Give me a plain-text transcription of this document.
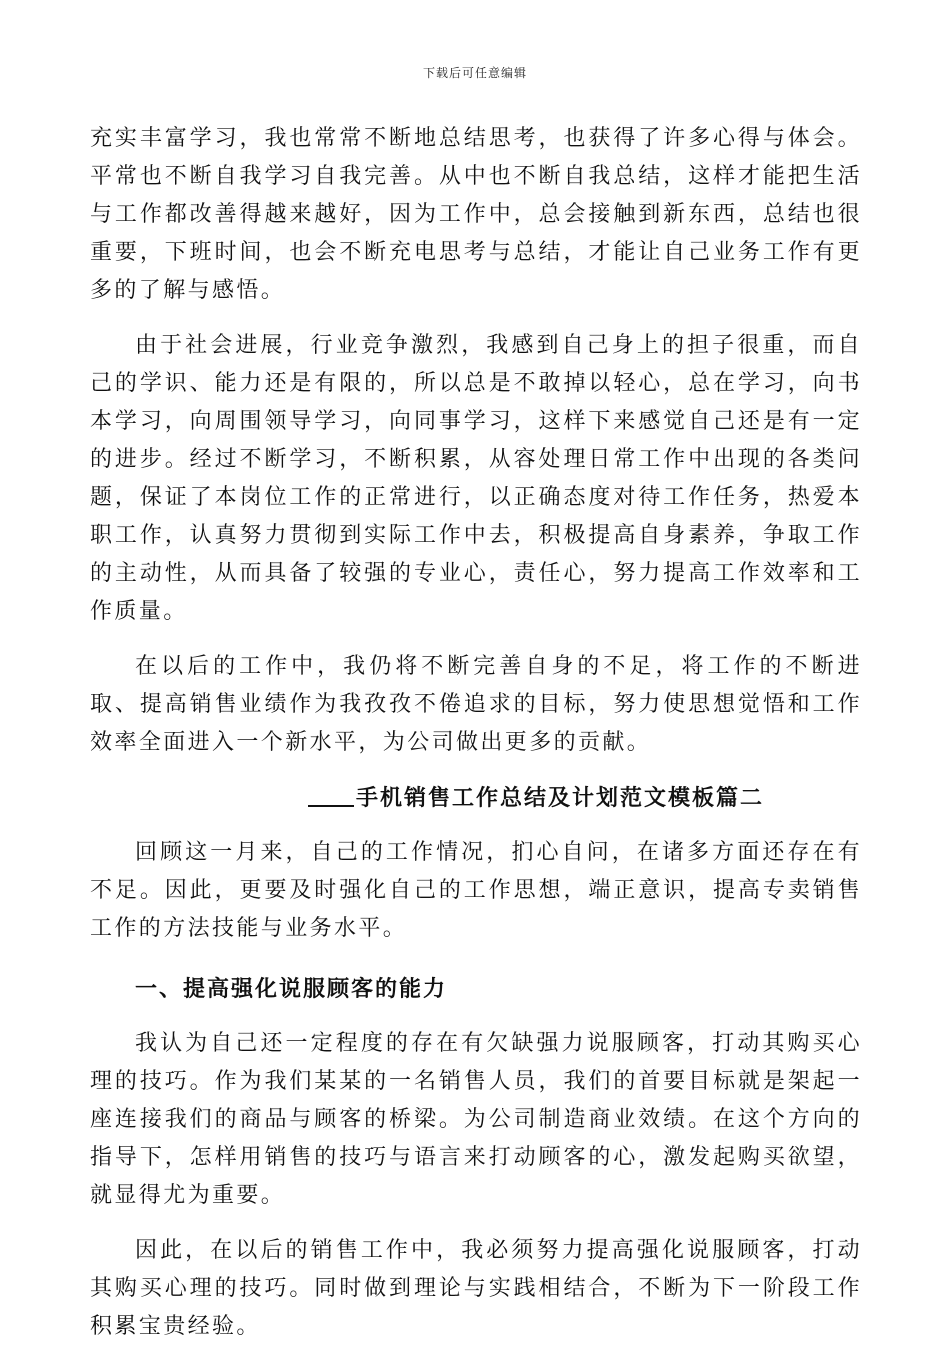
下载后可任意编辑

充实丰富学习，我也常常不断地总结思考，也获得了许多心得与体会。平常也不断自我学习自我完善。从中也不断自我总结，这样才能把生活与工作都改善得越来越好，因为工作中，总会接触到新东西，总结也很重要，下班时间，也会不断充电思考与总结，才能让自己业务工作有更多的了解与感悟。

由于社会进展，行业竞争激烈，我感到自己身上的担子很重，而自己的学识、能力还是有限的，所以总是不敢掉以轻心，总在学习，向书本学习，向周围领导学习，向同事学习，这样下来感觉自己还是有一定的进步。经过不断学习，不断积累，从容处理日常工作中出现的各类问题，保证了本岗位工作的正常进行，以正确态度对待工作任务，热爱本职工作，认真努力贯彻到实际工作中去，积极提高自身素养，争取工作的主动性，从而具备了较强的专业心，责任心，努力提高工作效率和工作质量。

在以后的工作中，我仍将不断完善自身的不足，将工作的不断进取、提高销售业绩作为我孜孜不倦追求的目标，努力使思想觉悟和工作效率全面进入一个新水平，为公司做出更多的贡献。

手机销售工作总结及计划范文模板篇二

回顾这一月来，自己的工作情况，扪心自问，在诸多方面还存在有不足。因此，更要及时强化自己的工作思想，端正意识，提高专卖销售工作的方法技能与业务水平。

一、提高强化说服顾客的能力

我认为自己还一定程度的存在有欠缺强力说服顾客，打动其购买心理的技巧。作为我们某某的一名销售人员，我们的首要目标就是架起一座连接我们的商品与顾客的桥梁。为公司制造商业效绩。在这个方向的指导下，怎样用销售的技巧与语言来打动顾客的心，激发起购买欲望，就显得尤为重要。

因此，在以后的销售工作中，我必须努力提高强化说服顾客，打动其购买心理的技巧。同时做到理论与实践相结合，不断为下一阶段工作积累宝贵经验。
